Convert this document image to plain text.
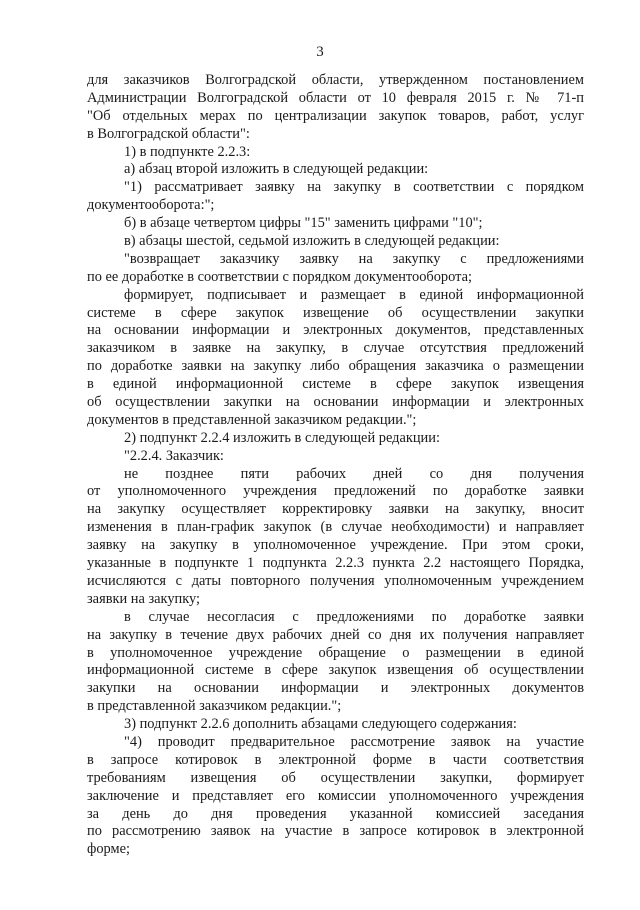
3
для заказчиков Волгоградской области, утвержденном постановлением
Администрации Волгоградской области от 10 февраля 2015 г. № 71-п
"Об отдельных мерах по централизации закупок товаров, работ, услуг
в Волгоградской области":
1) в подпункте 2.2.3:
а) абзац второй изложить в следующей редакции:
"1) рассматривает заявку на закупку в соответствии с порядком
документооборота:";
б) в абзаце четвертом цифры "15" заменить цифрами "10";
в) абзацы шестой, седьмой изложить в следующей редакции:
"возвращает заказчику заявку на закупку с предложениями
по ее доработке в соответствии с порядком документооборота;
формирует, подписывает и размещает в единой информационной
системе в сфере закупок извещение об осуществлении закупки
на основании информации и электронных документов, представленных
заказчиком в заявке на закупку, в случае отсутствия предложений
по доработке заявки на закупку либо обращения заказчика о размещении
в единой информационной системе в сфере закупок извещения
об осуществлении закупки на основании информации и электронных
документов в представленной заказчиком редакции.";
2) подпункт 2.2.4 изложить в следующей редакции:
"2.2.4. Заказчик:
не позднее пяти рабочих дней со дня получения
от уполномоченного учреждения предложений по доработке заявки
на закупку осуществляет корректировку заявки на закупку, вносит
изменения в план-график закупок (в случае необходимости) и направляет
заявку на закупку в уполномоченное учреждение. При этом сроки,
указанные в подпункте 1 подпункта 2.2.3 пункта 2.2 настоящего Порядка,
исчисляются с даты повторного получения уполномоченным учреждением
заявки на закупку;
в случае несогласия с предложениями по доработке заявки
на закупку в течение двух рабочих дней со дня их получения направляет
в уполномоченное учреждение обращение о размещении в единой
информационной системе в сфере закупок извещения об осуществлении
закупки на основании информации и электронных документов
в представленной заказчиком редакции.";
3) подпункт 2.2.6 дополнить абзацами следующего содержания:
"4) проводит предварительное рассмотрение заявок на участие
в запросе котировок в электронной форме в части соответствия
требованиям извещения об осуществлении закупки, формирует
заключение и представляет его комиссии уполномоченного учреждения
за день до дня проведения указанной комиссией заседания
по рассмотрению заявок на участие в запросе котировок в электронной
форме;
